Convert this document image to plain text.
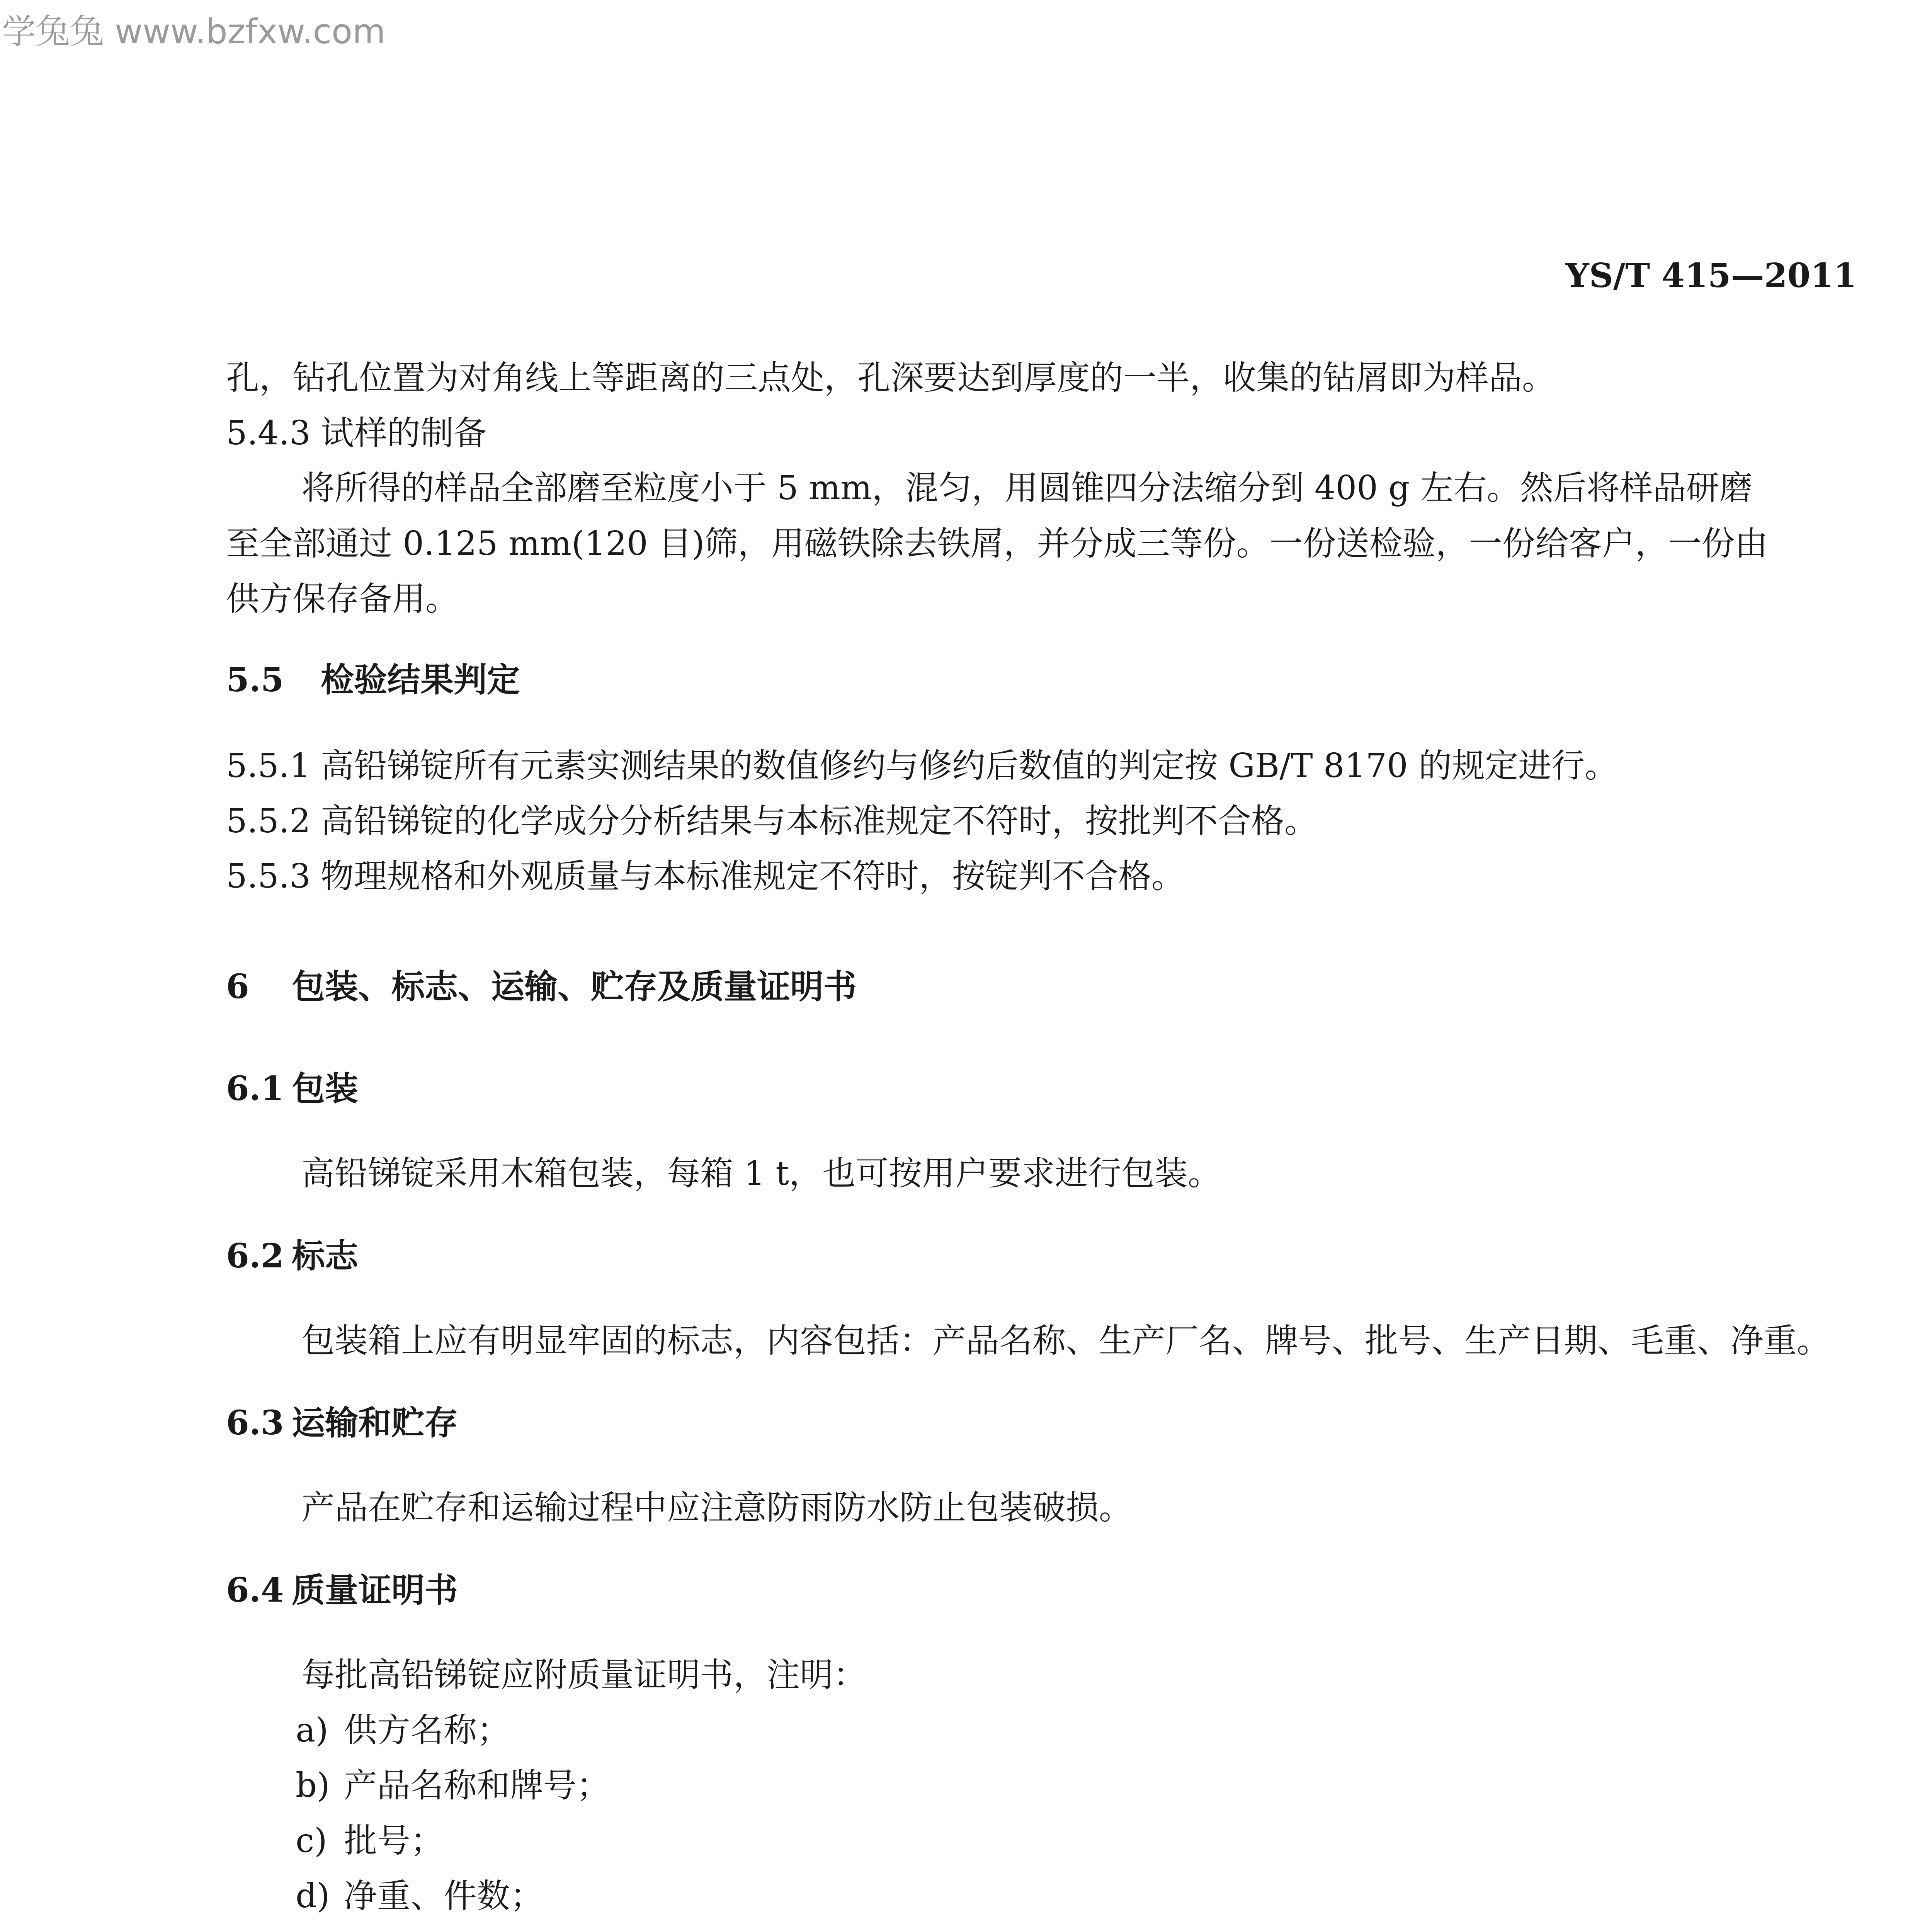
学兔兔 www.bzfxw.com
YS/T 415—2011
孔，钻孔位置为对角线上等距离的三点处，孔深要达到厚度的一半，收集的钻屑即为样品。
5.4.3 试样的制备
将所得的样品全部磨至粒度小于 5 mm，混匀，用圆锥四分法缩分到 400 g 左右。然后将样品研磨
至全部通过 0.125 mm(120 目)筛，用磁铁除去铁屑，并分成三等份。一份送检验，一份给客户，一份由
供方保存备用。
5.5 检验结果判定
5.5.1 高铅锑锭所有元素实测结果的数值修约与修约后数值的判定按 GB/T 8170 的规定进行。
5.5.2 高铅锑锭的化学成分分析结果与本标准规定不符时，按批判不合格。
5.5.3 物理规格和外观质量与本标准规定不符时，按锭判不合格。
6 包装、标志、运输、贮存及质量证明书
6.1 包装
高铅锑锭采用木箱包装，每箱 1 t，也可按用户要求进行包装。
6.2 标志
包装箱上应有明显牢固的标志，内容包括：产品名称、生产厂名、牌号、批号、生产日期、毛重、净重。
6.3 运输和贮存
产品在贮存和运输过程中应注意防雨防水防止包装破损。
6.4 质量证明书
每批高铅锑锭应附质量证明书，注明：
a) 供方名称；
b) 产品名称和牌号；
c) 批号；
d) 净重、件数；
